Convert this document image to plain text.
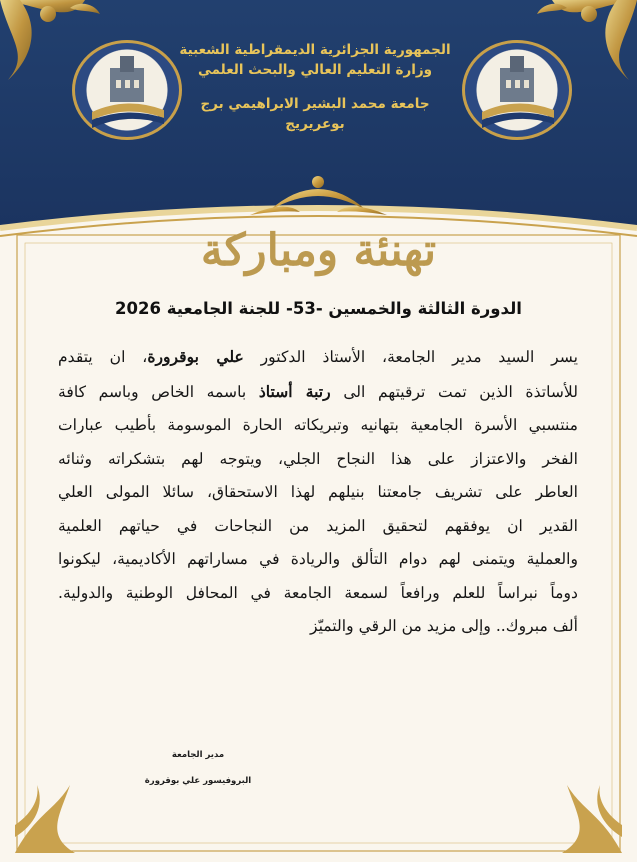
الجمهورية الجزائرية الديمقراطية الشعبية
وزارة التعليم العالي والبحث العلمي
جامعة محمد البشير الابراهيمي برج بوعريريج
تهنئة ومباركة
الدورة الثالثة والخمسين -53- للجنة الجامعية 2026
يسر السيد مدير الجامعة، الأستاذ الدكتور علي بوقرورة، ان يتقدم
للأساتذة الذين تمت ترقيتهم الى رتبة أستاذ باسمه الخاص وباسم كافة
منتسبي الأسرة الجامعية بتهانيه وتبريكاته الحارة الموسومة بأطيب عبارات
الفخر والاعتزاز على هذا النجاح الجلي، ويتوجه لهم بتشكراته وثنائه
العاطر على تشريف جامعتنا بنيلهم لهذا الاستحقاق، سائلا المولى العلي
القدير ان يوفقهم لتحقيق المزيد من النجاحات في حياتهم العلمية
والعملية ويتمنى لهم دوام التألق والريادة في مساراتهم الأكاديمية، ليكونوا
دوماً نبراساً للعلم ورافعاً لسمعة الجامعة في المحافل الوطنية والدولية.
ألف مبروك.. وإلى مزيد من الرقي والتميّز
مدير الجامعة
البروفيسور علي بوقرورة
